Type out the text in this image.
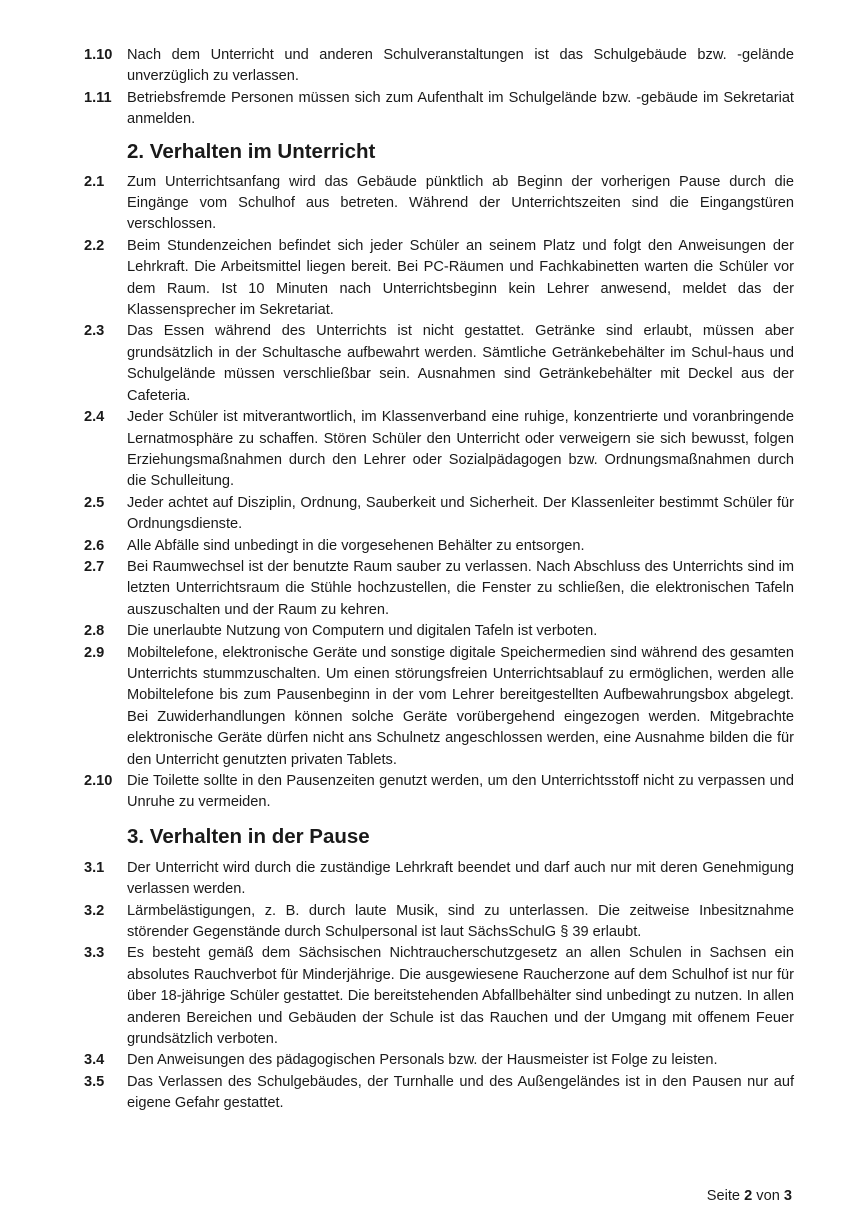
1.10 Nach dem Unterricht und anderen Schulveranstaltungen ist das Schulgebäude bzw. -gelände unverzüglich zu verlassen.
1.11	Betriebsfremde Personen müssen sich zum Aufenthalt im Schulgelände bzw. -gebäude im Sekretariat anmelden.
2. Verhalten im Unterricht
2.1	Zum Unterrichtsanfang wird das Gebäude pünktlich ab Beginn der vorherigen Pause durch die Eingänge vom Schulhof aus betreten. Während der Unterrichtszeiten sind die Eingangstüren verschlossen.
2.2	Beim Stundenzeichen befindet sich jeder Schüler an seinem Platz und folgt den Anweisungen der Lehrkraft. Die Arbeitsmittel liegen bereit. Bei PC-Räumen und Fachkabinetten warten die Schüler vor dem Raum. Ist 10 Minuten nach Unterrichtsbeginn kein Lehrer anwesend, meldet das der Klassensprecher im Sekretariat.
2.3	Das Essen während des Unterrichts ist nicht gestattet. Getränke sind erlaubt, müssen aber grundsätzlich in der Schultasche aufbewahrt werden. Sämtliche Getränkebehälter im Schul-haus und Schulgelände müssen verschließbar sein. Ausnahmen sind Getränkebehälter mit Deckel aus der Cafeteria.
2.4	Jeder Schüler ist mitverantwortlich, im Klassenverband eine ruhige, konzentrierte und voranbringende Lernatmosphäre zu schaffen. Stören Schüler den Unterricht oder verweigern sie sich bewusst, folgen Erziehungsmaßnahmen durch den Lehrer oder Sozialpädagogen bzw. Ordnungsmaßnahmen durch die Schulleitung.
2.5	Jeder achtet auf Disziplin, Ordnung, Sauberkeit und Sicherheit. Der Klassenleiter bestimmt Schüler für Ordnungsdienste.
2.6	Alle Abfälle sind unbedingt in die vorgesehenen Behälter zu entsorgen.
2.7	Bei Raumwechsel ist der benutzte Raum sauber zu verlassen. Nach Abschluss des Unterrichts sind im letzten Unterrichtsraum die Stühle hochzustellen, die Fenster zu schließen, die elektronischen Tafeln auszuschalten und der Raum zu kehren.
2.8	Die unerlaubte Nutzung von Computern und digitalen Tafeln ist verboten.
2.9	Mobiltelefone, elektronische Geräte und sonstige digitale Speichermedien sind während des gesamten Unterrichts stummzuschalten. Um einen störungsfreien Unterrichtsablauf zu ermöglichen, werden alle Mobiltelefone bis zum Pausenbeginn in der vom Lehrer bereitgestellten Aufbewahrungsbox abgelegt. Bei Zuwiderhandlungen können solche Geräte vorübergehend eingezogen werden. Mitgebrachte elektronische Geräte dürfen nicht ans Schulnetz angeschlossen werden, eine Ausnahme bilden die für den Unterricht genutzten privaten Tablets.
2.10 Die Toilette sollte in den Pausenzeiten genutzt werden, um den Unterrichtsstoff nicht zu verpassen und Unruhe zu vermeiden.
3. Verhalten in der Pause
3.1	Der Unterricht wird durch die zuständige Lehrkraft beendet und darf auch nur mit deren Genehmigung verlassen werden.
3.2	Lärmbelästigungen, z. B. durch laute Musik, sind zu unterlassen. Die zeitweise Inbesitznahme störender Gegenstände durch Schulpersonal ist laut SächsSchulG § 39 erlaubt.
3.3	Es besteht gemäß dem Sächsischen Nichtraucherschutzgesetz an allen Schulen in Sachsen ein absolutes Rauchverbot für Minderjährige. Die ausgewiesene Raucherzone auf dem Schulhof ist nur für über 18-jährige Schüler gestattet. Die bereitstehenden Abfallbehälter sind unbedingt zu nutzen. In allen anderen Bereichen und Gebäuden der Schule ist das Rauchen und der Umgang mit offenem Feuer grundsätzlich verboten.
3.4	Den Anweisungen des pädagogischen Personals bzw. der Hausmeister ist Folge zu leisten.
3.5	Das Verlassen des Schulgebäudes, der Turnhalle und des Außengeländes ist in den Pausen nur auf eigene Gefahr gestattet.
Seite 2 von 3
